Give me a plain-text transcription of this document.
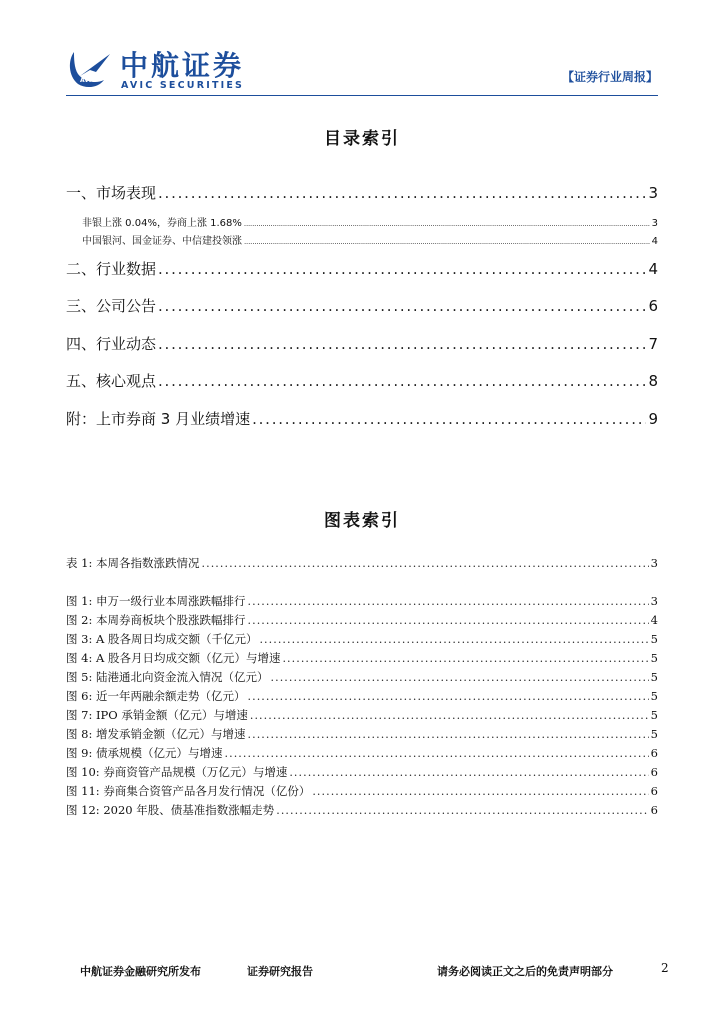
AVIC 中航证券
AVIC SECURITIES
【证券行业周报】
目录索引
一、市场表现 . . .	3
非银上涨 0.04%，券商上涨 1.68% . . .	3
中国银河、国金证券、中信建投领涨 . . .	4
二、行业数据 . . .	4
三、公司公告 . . .	6
四、行业动态 . . .	7
五、核心观点 . . .	8
附：上市券商 3 月业绩增速 . . .	9
图表索引
表 1: 本周各指数涨跌情况 . . .	3
图 1: 申万一级行业本周涨跌幅排行 . . .	3
图 2: 本周券商板块个股涨跌幅排行 . . .	4
图 3: A 股各周日均成交额（千亿元） . . .	5
图 4: A 股各月日均成交额（亿元）与增速 . . .	5
图 5: 陆港通北向资金流入情况（亿元） . . .	5
图 6: 近一年两融余额走势（亿元） . . .	5
图 7: IPO 承销金额（亿元）与增速 . . .	5
图 8: 增发承销金额（亿元）与增速 . . .	5
图 9: 债承规模（亿元）与增速 . . .	6
图 10: 券商资管产品规模（万亿元）与增速 . . .	6
图 11: 券商集合资管产品各月发行情况（亿份） . . .	6
图 12: 2020 年股、债基准指数涨幅走势 . . .	6
中航证券金融研究所发布	证券研究报告	请务必阅读正文之后的免责声明部分	2
